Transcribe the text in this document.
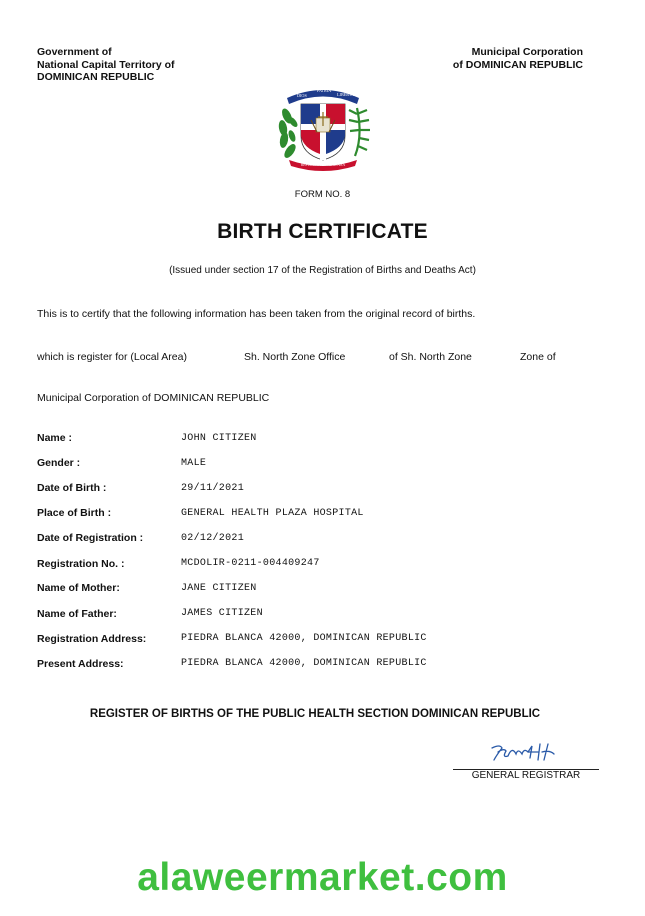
Government of
National Capital Territory of
DOMINICAN REPUBLIC
Municipal Corporation
of DOMINICAN REPUBLIC
DIOS
PATRIA
LIBERTAD
REPUBLICA DOMINICANA
FORM NO. 8
BIRTH CERTIFICATE
(Issued under section 17 of the Registration of Births and Deaths Act)
This is to certify that the following information has been taken from the original record of births.
which is register for (Local Area)	Sh. North Zone Office	of Sh. North Zone	Zone of
Municipal Corporation of DOMINICAN REPUBLIC
Name :	JOHN CITIZEN
Gender :	MALE
Date of Birth :	29/11/2021
Place of Birth :	GENERAL HEALTH PLAZA HOSPITAL
Date of Registration :	02/12/2021
Registration No. :	MCDOLIR-0211-004409247
Name of Mother:	JANE CITIZEN
Name of Father:	JAMES CITIZEN
Registration Address:	PIEDRA BLANCA 42000, DOMINICAN REPUBLIC
Present Address:	PIEDRA BLANCA 42000, DOMINICAN REPUBLIC
REGISTER OF BIRTHS OF THE PUBLIC HEALTH SECTION DOMINICAN REPUBLIC
GENERAL REGISTRAR
alaweermarket.com
